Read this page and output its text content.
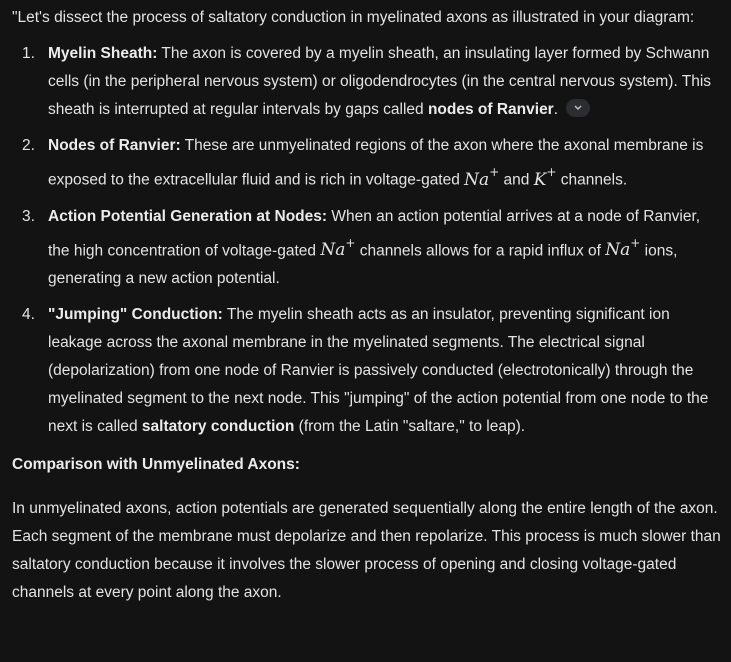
"Let's dissect the process of saltatory conduction in myelinated axons as illustrated in your diagram:

1. Myelin Sheath: The axon is covered by a myelin sheath, an insulating layer formed by Schwann cells (in the peripheral nervous system) or oligodendrocytes (in the central nervous system). This sheath is interrupted at regular intervals by gaps called nodes of Ranvier.
2. Nodes of Ranvier: These are unmyelinated regions of the axon where the axonal membrane is exposed to the extracellular fluid and is rich in voltage-gated Na+ and K+ channels.
3. Action Potential Generation at Nodes: When an action potential arrives at a node of Ranvier, the high concentration of voltage-gated Na+ channels allows for a rapid influx of Na+ ions, generating a new action potential.
4. "Jumping" Conduction: The myelin sheath acts as an insulator, preventing significant ion leakage across the axonal membrane in the myelinated segments. The electrical signal (depolarization) from one node of Ranvier is passively conducted (electrotonically) through the myelinated segment to the next node. This "jumping" of the action potential from one node to the next is called saltatory conduction (from the Latin "saltare," to leap).

Comparison with Unmyelinated Axons:

In unmyelinated axons, action potentials are generated sequentially along the entire length of the axon. Each segment of the membrane must depolarize and then repolarize. This process is much slower than saltatory conduction because it involves the slower process of opening and closing voltage-gated channels at every point along the axon.
